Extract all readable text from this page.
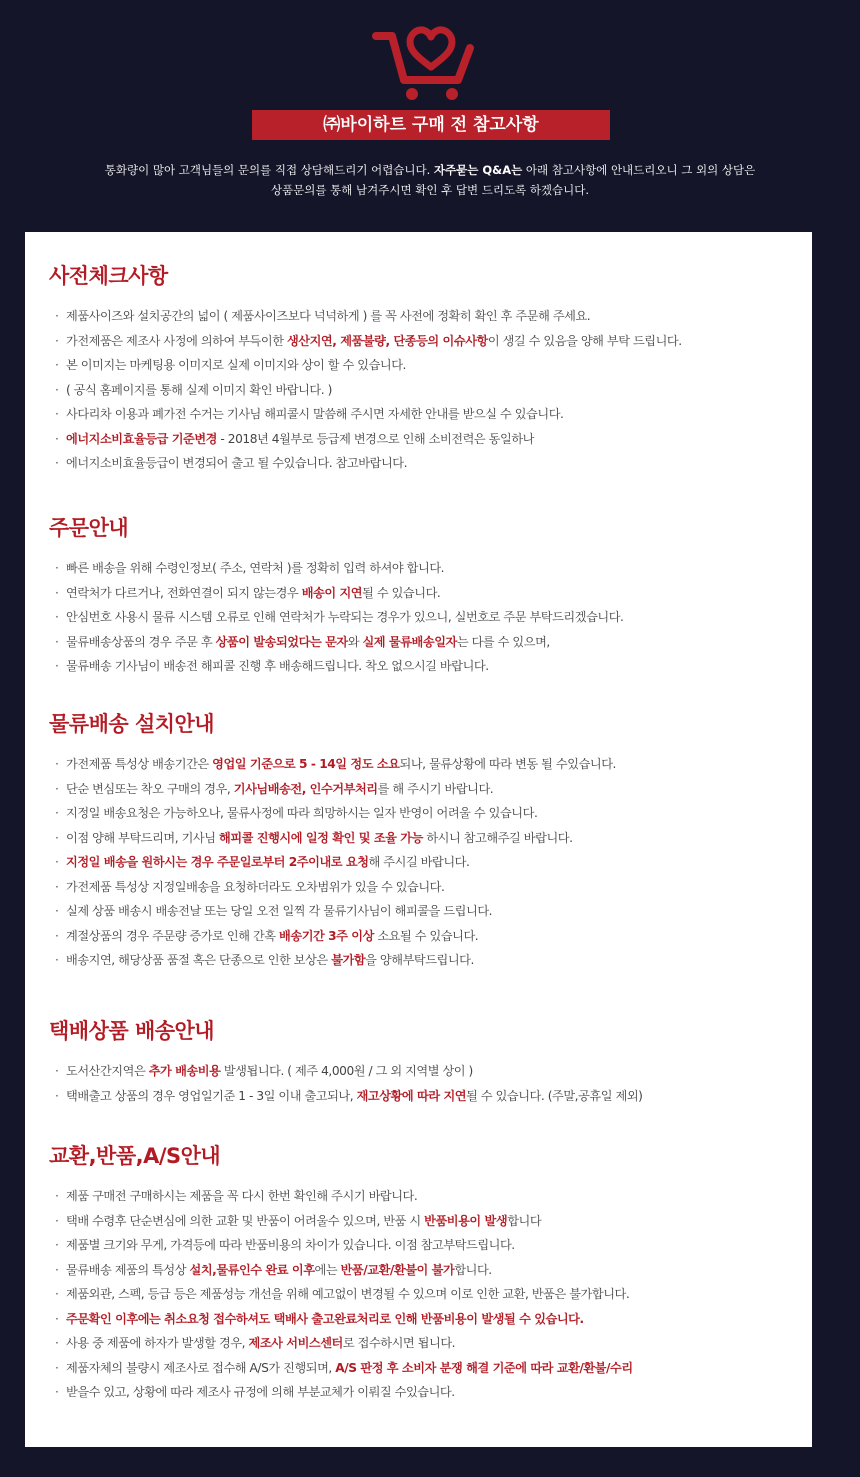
㈜바이하트 구매 전 참고사항
통화량이 많아 고객님들의 문의를 직접 상담해드리기 어렵습니다. 자주묻는 Q&A는 아래 참고사항에 안내드리오니 그 외의 상담은
상품문의를 통해 남겨주시면 확인 후 답변 드리도록 하겠습니다.
사전체크사항
· 제품사이즈와 설치공간의 넓이 ( 제품사이즈보다 넉넉하게 ) 를 꼭 사전에 정확히 확인 후 주문해 주세요.
· 가전제품은 제조사 사정에 의하여 부득이한 생산지연, 제품불량, 단종등의 이슈사항이 생길 수 있음을 양해 부탁 드립니다.
· 본 이미지는 마케팅용 이미지로 실제 이미지와 상이 할 수 있습니다.
· ( 공식 홈페이지를 통해 실제 이미지 확인 바랍니다. )
· 사다리차 이용과 폐가전 수거는 기사님 해피콜시 말씀해 주시면 자세한 안내를 받으실 수 있습니다.
· 에너지소비효율등급 기준변경 - 2018년 4월부로 등급제 변경으로 인해 소비전력은 동일하나
· 에너지소비효율등급이 변경되어 출고 될 수있습니다. 참고바랍니다.
주문안내
· 빠른 배송을 위해 수령인정보( 주소, 연락처 )를 정확히 입력 하셔야 합니다.
· 연락처가 다르거나, 전화연결이 되지 않는경우 배송이 지연될 수 있습니다.
· 안심번호 사용시 물류 시스템 오류로 인해 연락처가 누락되는 경우가 있으니, 실번호로 주문 부탁드리겠습니다.
· 물류배송상품의 경우 주문 후 상품이 발송되었다는 문자와 실제 물류배송일자는 다를 수 있으며,
· 물류배송 기사님이 배송전 해피콜 진행 후 배송해드립니다. 착오 없으시길 바랍니다.
물류배송 설치안내
· 가전제품 특성상 배송기간은 영업일 기준으로 5 - 14일 정도 소요되나, 물류상황에 따라 변동 될 수있습니다.
· 단순 변심또는 착오 구매의 경우, 기사님배송전, 인수거부처리를 해 주시기 바랍니다.
· 지정일 배송요청은 가능하오나, 물류사정에 따라 희망하시는 일자 반영이 어려울 수 있습니다.
· 이점 양해 부탁드리며, 기사님 해피콜 진행시에 일정 확인 및 조율 가능 하시니 참고해주길 바랍니다.
· 지정일 배송을 원하시는 경우 주문일로부터 2주이내로 요청해 주시길 바랍니다.
· 가전제품 특성상 지정일배송을 요청하더라도 오차범위가 있을 수 있습니다.
· 실제 상품 배송시 배송전날 또는 당일 오전 일찍 각 물류기사님이 해피콜을 드립니다.
· 계절상품의 경우 주문량 증가로 인해 간혹 배송기간 3주 이상 소요될 수 있습니다.
· 배송지연, 해당상품 품절 혹은 단종으로 인한 보상은 불가함을 양해부탁드립니다.
택배상품 배송안내
· 도서산간지역은 추가 배송비용 발생됩니다. ( 제주 4,000원 / 그 외 지역별 상이 )
· 택배출고 상품의 경우 영업일기준 1 - 3일 이내 출고되나, 재고상황에 따라 지연될 수 있습니다. (주말,공휴일 제외)
교환,반품,A/S안내
· 제품 구매전 구매하시는 제품을 꼭 다시 한번 확인해 주시기 바랍니다.
· 택배 수령후 단순변심에 의한 교환 및 반품이 어려울수 있으며, 반품 시 반품비용이 발생합니다
· 제품별 크기와 무게, 가격등에 따라 반품비용의 차이가 있습니다. 이점 참고부탁드립니다.
· 물류배송 제품의 특성상 설치,물류인수 완료 이후에는 반품/교환/환불이 불가합니다.
· 제품외관, 스펙, 등급 등은 제품성능 개선을 위해 예고없이 변경될 수 있으며 이로 인한 교환, 반품은 불가합니다.
· 주문확인 이후에는 취소요청 접수하셔도 택배사 출고완료처리로 인해 반품비용이 발생될 수 있습니다.
· 사용 중 제품에 하자가 발생할 경우, 제조사 서비스센터로 접수하시면 됩니다.
· 제품자체의 불량시 제조사로 접수해 A/S가 진행되며, A/S 판정 후 소비자 분쟁 해결 기준에 따라 교환/환불/수리
· 받을수 있고, 상황에 따라 제조사 규정에 의해 부분교체가 이뤄질 수있습니다.
